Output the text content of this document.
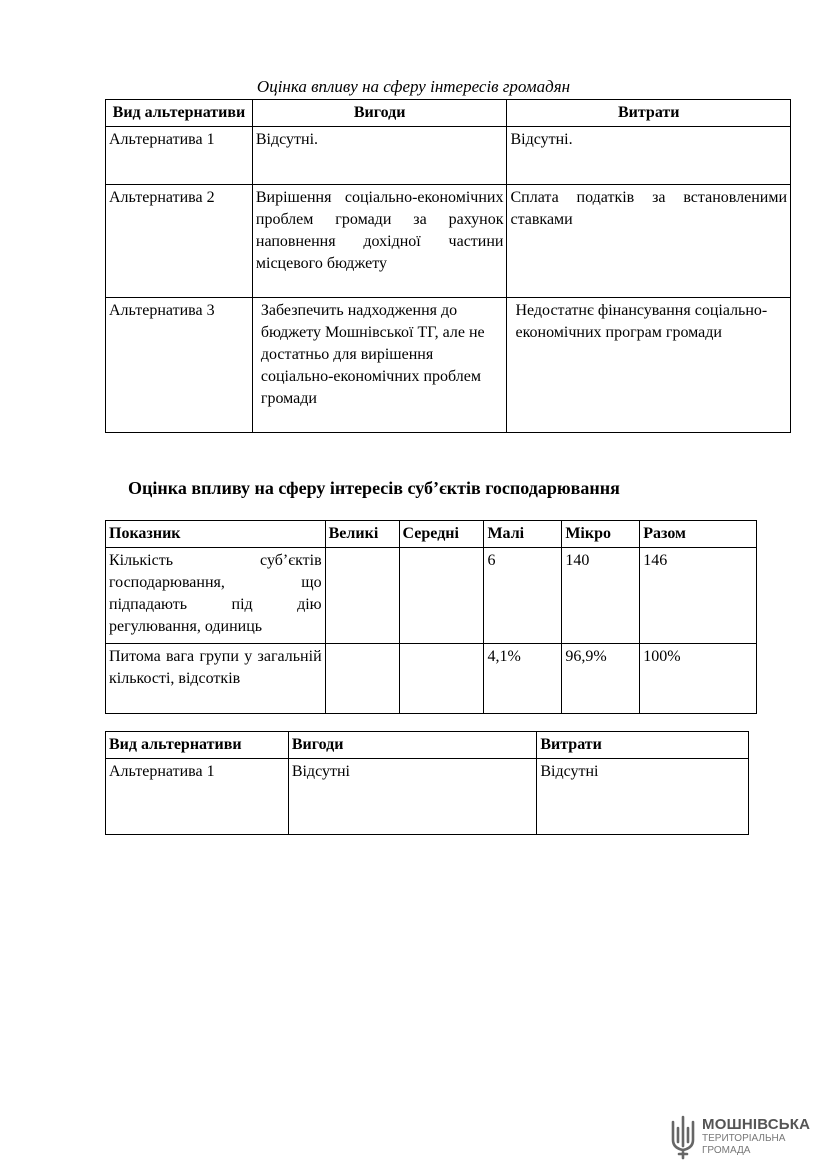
Оцінка впливу на сферу інтересів громадян
Вид альтернативи	Вигоди	Витрати
Альтернатива 1	Відсутні.	Відсутні.
Альтернатива 2	Вирішення соціально-економічних проблем громади за рахунок наповнення дохідної частини місцевого бюджету	Сплата податків за встановленими ставками
Альтернатива 3	Забезпечить надходження до бюджету Мошнівської ТГ, але не достатньо для вирішення соціально-економічних проблем громади	Недостатнє фінансування соціально-економічних програм громади
Оцінка впливу на сферу інтересів суб’єктів господарювання
Показник	Великі	Середні	Малі	Мікро	Разом
Кількість суб’єктів господарювання, що підпадають під дію регулювання, одиниць			6	140	146
Питома вага групи у загальній кількості, відсотків			4,1%	96,9%	100%
Вид альтернативи	Вигоди	Витрати
Альтернатива 1	Відсутні	Відсутні
МОШНІВСЬКА
ТЕРИТОРІАЛЬНА
ГРОМАДА
